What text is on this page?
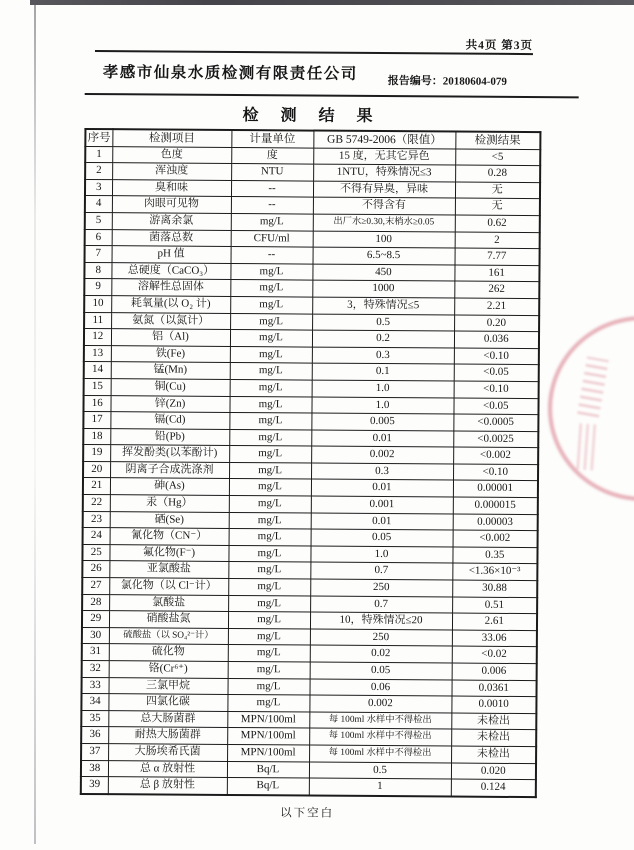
共4页 第3页
孝感市仙泉水质检测有限责任公司	报告编号：20180604-079
检 测 结 果
序号	检测项目	计量单位	GB 5749-2006（限值）	检测结果
1	色度	度	15 度，无其它异色	<5
2	浑浊度	NTU	1NTU，特殊情况≤3	0.28
3	臭和味	--	不得有异臭，异味	无
4	肉眼可见物	--	不得含有	无
5	游离余氯	mg/L	出厂水≥0.30,末梢水≥0.05	0.62
6	菌落总数	CFU/ml	100	2
7	pH 值	--	6.5~8.5	7.77
8	总硬度（CaCO₃）	mg/L	450	161
9	溶解性总固体	mg/L	1000	262
10	耗氧量(以 O₂ 计)	mg/L	3，特殊情况≤5	2.21
11	氨氮（以氮计）	mg/L	0.5	0.20
12	铝（Al)	mg/L	0.2	0.036
13	铁(Fe)	mg/L	0.3	<0.10
14	锰(Mn)	mg/L	0.1	<0.05
15	铜(Cu)	mg/L	1.0	<0.10
16	锌(Zn)	mg/L	1.0	<0.05
17	镉(Cd)	mg/L	0.005	<0.0005
18	铅(Pb)	mg/L	0.01	<0.0025
19	挥发酚类(以苯酚计)	mg/L	0.002	<0.002
20	阴离子合成洗涤剂	mg/L	0.3	<0.10
21	砷(As)	mg/L	0.01	0.00001
22	汞（Hg）	mg/L	0.001	0.000015
23	硒(Se)	mg/L	0.01	0.00003
24	氰化物（CN⁻）	mg/L	0.05	<0.002
25	氟化物(F⁻)	mg/L	1.0	0.35
26	亚氯酸盐	mg/L	0.7	<1.36×10⁻³
27	氯化物（以 Cl⁻计）	mg/L	250	30.88
28	氯酸盐	mg/L	0.7	0.51
29	硝酸盐氮	mg/L	10，特殊情况≤20	2.61
30	硫酸盐（以 SO₄²⁻计）	mg/L	250	33.06
31	硫化物	mg/L	0.02	<0.02
32	铬(Cr⁶⁺)	mg/L	0.05	0.006
33	三氯甲烷	mg/L	0.06	0.0361
34	四氯化碳	mg/L	0.002	0.0010
35	总大肠菌群	MPN/100ml	每 100ml 水样中不得检出	未检出
36	耐热大肠菌群	MPN/100ml	每 100ml 水样中不得检出	未检出
37	大肠埃希氏菌	MPN/100ml	每 100ml 水样中不得检出	未检出
38	总 α 放射性	Bq/L	0.5	0.020
39	总 β 放射性	Bq/L	1	0.124
以下空白
